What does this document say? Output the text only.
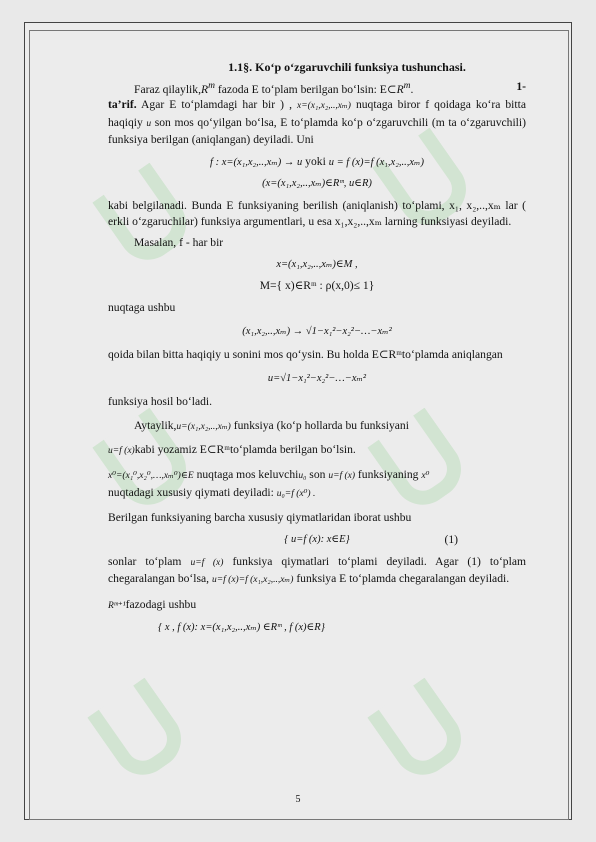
1.1§. Ko‘p o‘zgaruvchili funksiya tushunchasi.

Faraz $qilaylik,R^m$ fazoda E to‘plam berilgan bo‘lsin: $E\subset R^m$.	1-

ta’rif. Agar E to‘plamdagi har bir ) , x=(x₁,x₂,..,xₘ) nuqtaga biror f qoidaga ko‘ra bitta haqiqiy u son mos qo‘yilgan bo‘lsa, E to‘plamda ko‘p o‘zgaruvchili (m ta o‘zgaruvchili) funksiya berilgan (aniqlangan) deyiladi. Uni

f : x=(x₁,x₂,..,xₘ) → u yoki u = f (x)=f (x₁,x₂,..,xₘ)

(x=(x₁,x₂,..,xₘ)∈Rᵐ, u∈R)

kabi belgilanadi. Bunda E funksiyaning berilish (aniqlanish) to‘plami, x₁, x₂,..,xₘ lar ( erkli o‘zgaruchilar) funksiya argumentlari, u esa x₁,x₂,..,xₘ larning funksiyasi deyiladi.

Masalan, f - har bir

x=(x₁,x₂,..,xₘ)∈M ,

M={ x)∈Rᵐ : ρ(x,0)≤ 1}

nuqtaga ushbu

(x₁,x₂,..,xₘ) → √1−x₁²−x₂²−…−xₘ²

qoida bilan bitta haqiqiy u sonini mos qo‘ysin. Bu holda E⊂Rᵐto‘plamda aniqlangan

u=√1−x₁²−x₂²−…−xₘ²

funksiya hosil bo‘ladi.

Aytaylik,u=(x₁,x₂,..,xₘ) funksiya (ko‘p hollarda bu funksiyani

u=f (x)kabi yozamiz E⊂Rᵐto‘plamda berilgan bo‘lsin.

x⁰=(x₁⁰,x₂⁰,…,xₘ⁰)∈E nuqtaga mos keluvchiu₀ son u=f (x) funksiyaning x⁰
nuqtadagi xususiy qiymati deyiladi: u₀=f (x⁰) .

Berilgan funksiyaning barcha xususiy qiymatlaridan iborat ushbu

{ u=f (x): x∈E}	(1)

sonlar to‘plam u=f (x) funksiya qiymatlari to‘plami deyiladi. Agar (1) to‘plam chegaralangan bo‘lsa, u=f (x)=f (x₁,x₂,..,xₘ) funksiya E to‘plamda chegaralangan deyiladi.

Rᵐ⁺¹fazodagi ushbu

{ x , f (x): x=(x₁,x₂,..,xₘ) ∈Rᵐ , f (x)∈R}

5
